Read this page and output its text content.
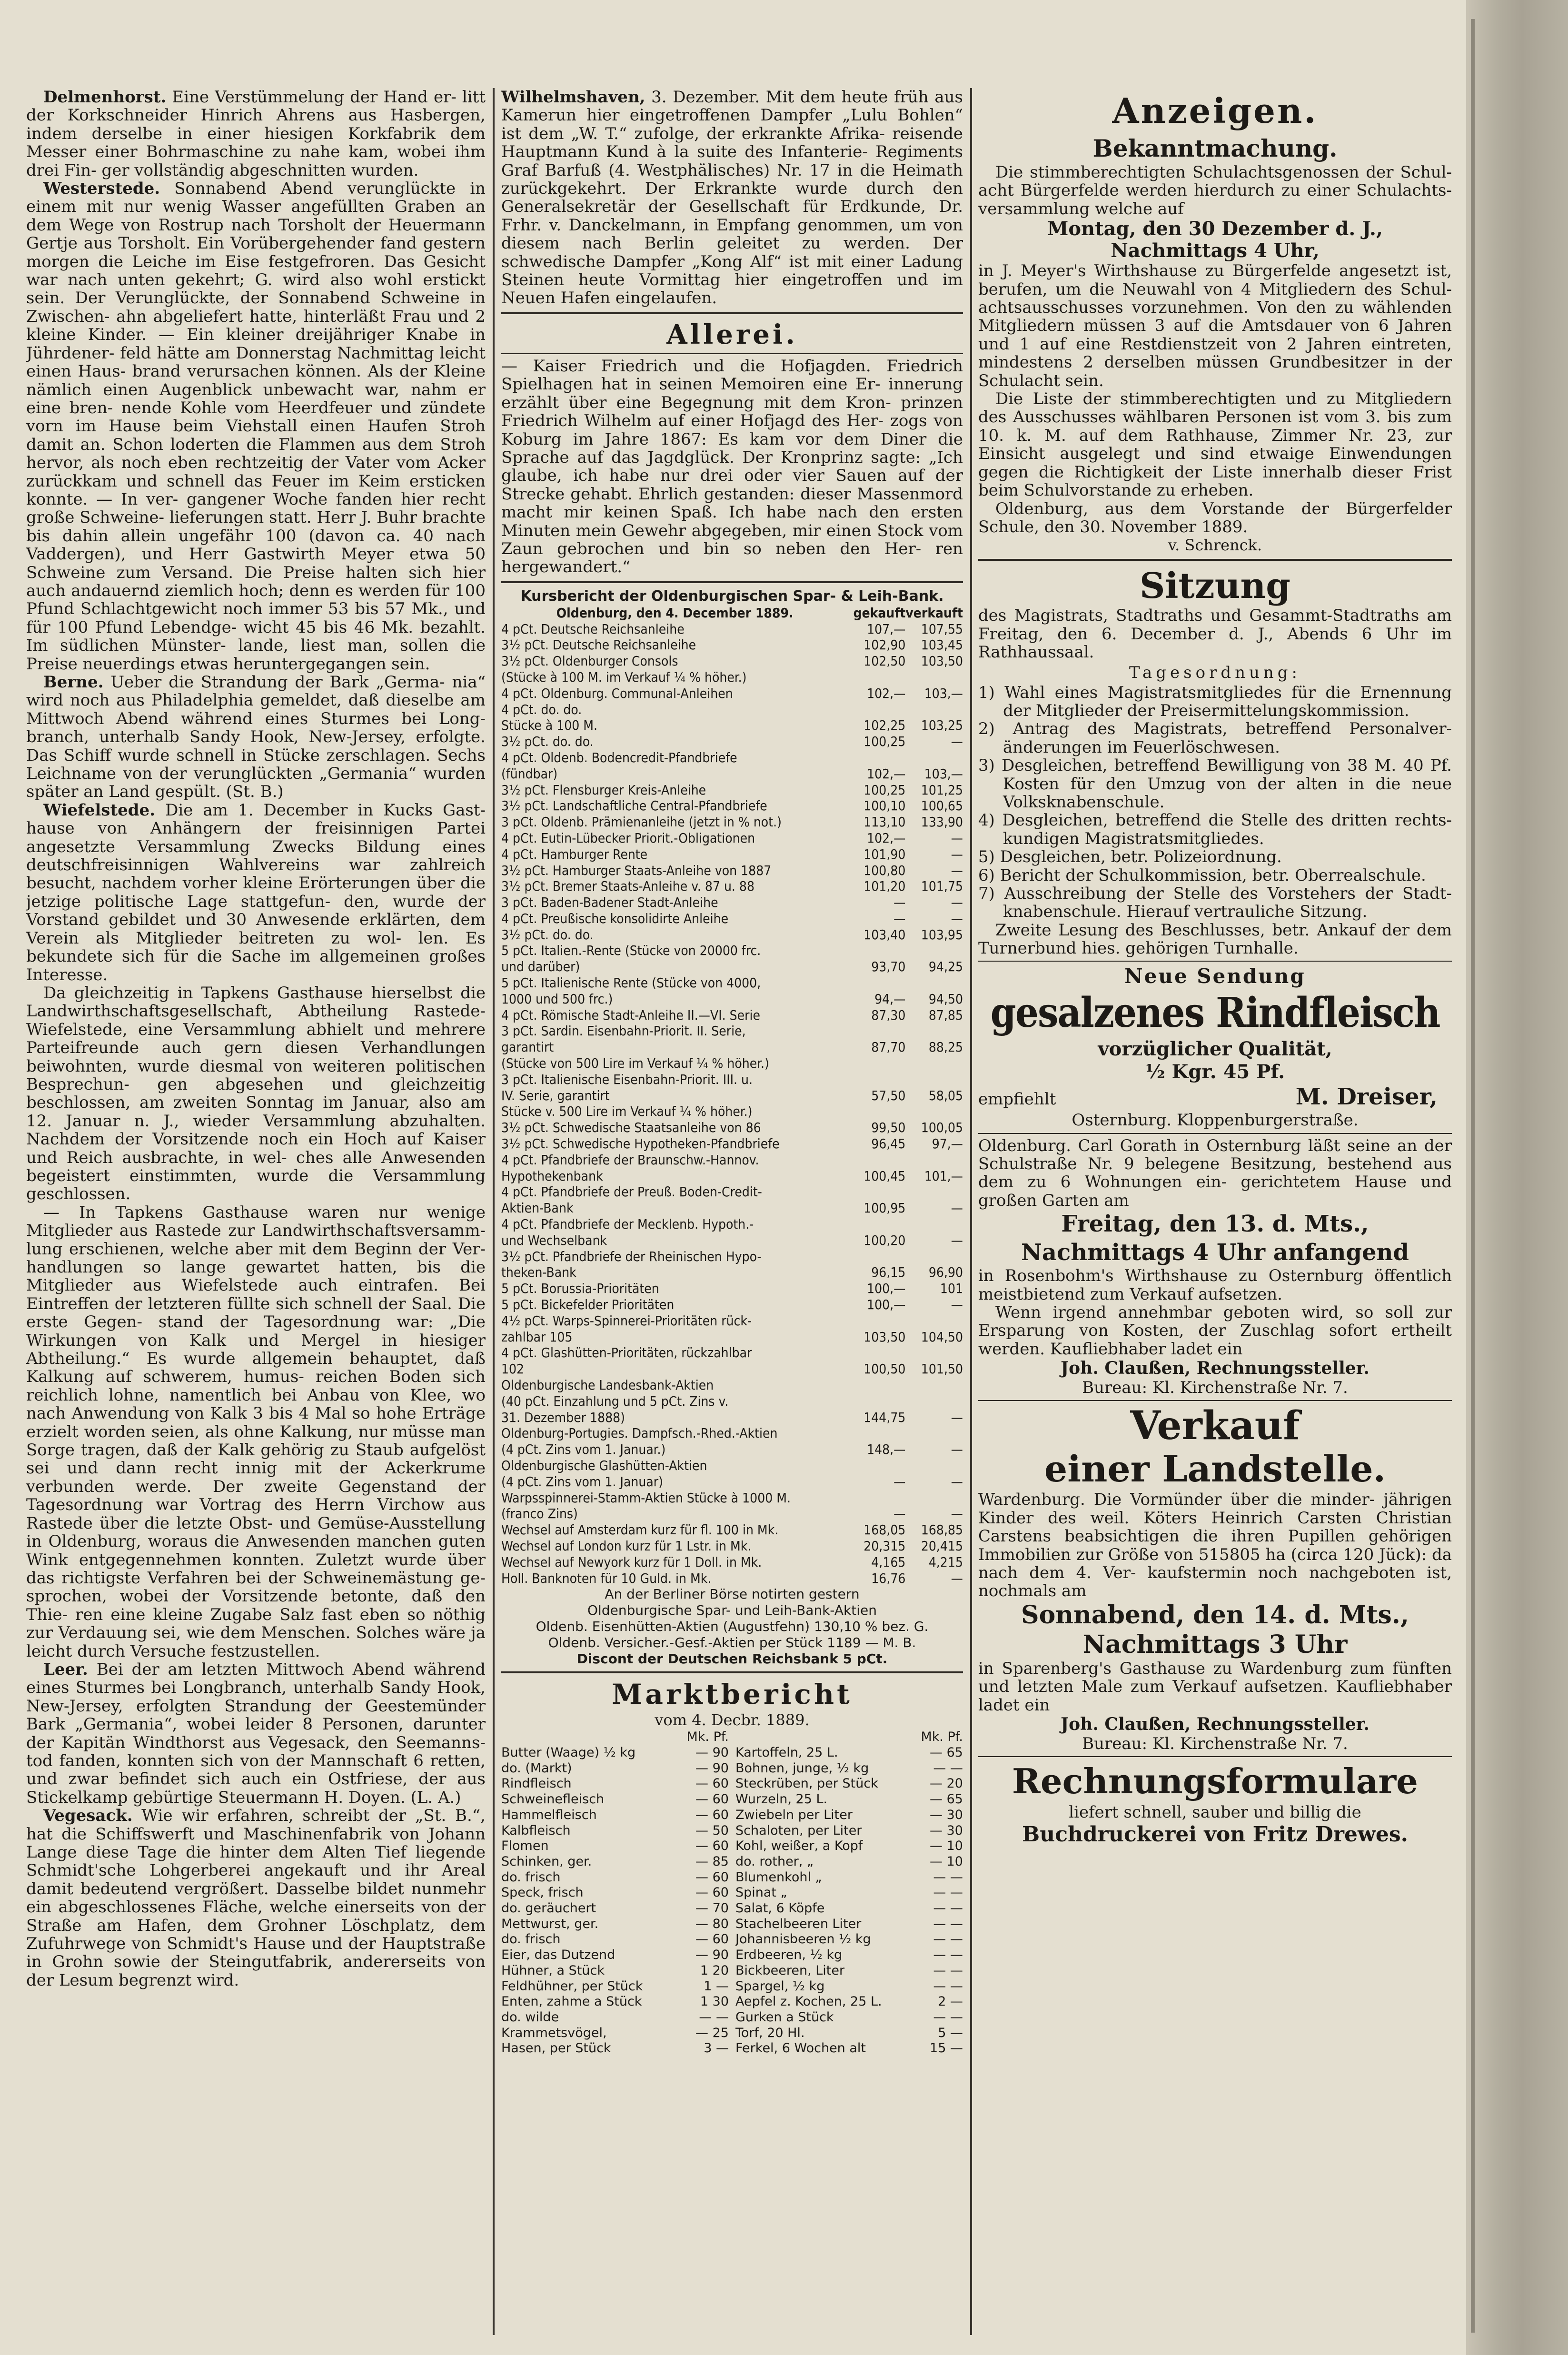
Delmenhorst. Eine Verstümmelung der Hand er- litt der Korkschneider Hinrich Ahrens aus Hasbergen, indem derselbe in einer hiesigen Korkfabrik dem Messer einer Bohrmaschine zu nahe kam, wobei ihm drei Fin- ger vollständig abgeschnitten wurden.

Westerstede. Sonnabend Abend verunglückte in einem mit nur wenig Wasser angefüllten Graben an dem Wege von Rostrup nach Torsholt der Heuermann Gertje aus Torsholt. Ein Vorübergehender fand gestern morgen die Leiche im Eise festgefroren. Das Gesicht war nach unten gekehrt; G. wird also wohl erstickt sein. Der Verunglückte, der Sonnabend Schweine in Zwischen- ahn abgeliefert hatte, hinterläßt Frau und 2 kleine Kinder. — Ein kleiner dreijähriger Knabe in Jührdener- feld hätte am Donnerstag Nachmittag leicht einen Haus- brand verursachen können. Als der Kleine nämlich einen Augenblick unbewacht war, nahm er eine bren- nende Kohle vom Heerdfeuer und zündete vorn im Hause beim Viehstall einen Haufen Stroh damit an. Schon loderten die Flammen aus dem Stroh hervor, als noch eben rechtzeitig der Vater vom Acker zurückkam und schnell das Feuer im Keim ersticken konnte. — In ver- gangener Woche fanden hier recht große Schweine- lieferungen statt. Herr J. Buhr brachte bis dahin allein ungefähr 100 (davon ca. 40 nach Vaddergen), und Herr Gastwirth Meyer etwa 50 Schweine zum Versand. Die Preise halten sich hier auch andauernd ziemlich hoch; denn es werden für 100 Pfund Schlachtgewicht noch immer 53 bis 57 Mk., und für 100 Pfund Lebendge- wicht 45 bis 46 Mk. bezahlt. Im südlichen Münster- lande, liest man, sollen die Preise neuerdings etwas heruntergegangen sein.

Berne. Ueber die Strandung der Bark „Germa- nia“ wird noch aus Philadelphia gemeldet, daß dieselbe am Mittwoch Abend während eines Sturmes bei Long- branch, unterhalb Sandy Hook, New-Jersey, erfolgte. Das Schiff wurde schnell in Stücke zerschlagen. Sechs Leichname von der verunglückten „Germania“ wurden später an Land gespült. (St. B.)

Wiefelstede. Die am 1. December in Kucks Gast- hause von Anhängern der freisinnigen Partei angesetzte Versammlung Zwecks Bildung eines deutschfreisinnigen Wahlvereins war zahlreich besucht, nachdem vorher kleine Erörterungen über die jetzige politische Lage stattgefun- den, wurde der Vorstand gebildet und 30 Anwesende erklärten, dem Verein als Mitglieder beitreten zu wol- len. Es bekundete sich für die Sache im allgemeinen großes Interesse.

Da gleichzeitig in Tapkens Gasthause hierselbst die Landwirthschaftsgesellschaft, Abtheilung Rastede- Wiefelstede, eine Versammlung abhielt und mehrere Parteifreunde auch gern diesen Verhandlungen beiwohnten, wurde diesmal von weiteren politischen Besprechun- gen abgesehen und gleichzeitig beschlossen, am zweiten Sonntag im Januar, also am 12. Januar n. J., wieder Versammlung abzuhalten. Nachdem der Vorsitzende noch ein Hoch auf Kaiser und Reich ausbrachte, in wel- ches alle Anwesenden begeistert einstimmten, wurde die Versammlung geschlossen.

— In Tapkens Gasthause waren nur wenige Mitglieder aus Rastede zur Landwirthschaftsversamm- lung erschienen, welche aber mit dem Beginn der Ver- handlungen so lange gewartet hatten, bis die Mitglieder aus Wiefelstede auch eintrafen. Bei Eintreffen der letzteren füllte sich schnell der Saal. Die erste Gegen- stand der Tagesordnung war: „Die Wirkungen von Kalk und Mergel in hiesiger Abtheilung.“ Es wurde allgemein behauptet, daß Kalkung auf schwerem, humus- reichen Boden sich reichlich lohne, namentlich bei Anbau von Klee, wo nach Anwendung von Kalk 3 bis 4 Mal so hohe Erträge erzielt worden seien, als ohne Kalkung, nur müsse man Sorge tragen, daß der Kalk gehörig zu Staub aufgelöst sei und dann recht innig mit der Ackerkrume verbunden werde. Der zweite Gegenstand der Tagesordnung war Vortrag des Herrn Virchow aus Rastede über die letzte Obst- und Gemüse-Ausstellung in Oldenburg, woraus die Anwesenden manchen guten Wink entgegennehmen konnten. Zuletzt wurde über das richtigste Verfahren bei der Schweinemästung ge- sprochen, wobei der Vorsitzende betonte, daß den Thie- ren eine kleine Zugabe Salz fast eben so nöthig zur Verdauung sei, wie dem Menschen. Solches wäre ja leicht durch Versuche festzustellen.

Leer. Bei der am letzten Mittwoch Abend während eines Sturmes bei Longbranch, unterhalb Sandy Hook, New-Jersey, erfolgten Strandung der Geestemünder Bark „Germania“, wobei leider 8 Personen, darunter der Kapitän Windthorst aus Vegesack, den Seemanns- tod fanden, konnten sich von der Mannschaft 6 retten, und zwar befindet sich auch ein Ostfriese, der aus Stickelkamp gebürtige Steuermann H. Doyen. (L. A.)

Vegesack. Wie wir erfahren, schreibt der „St. B.“, hat die Schiffswerft und Maschinenfabrik von Johann Lange diese Tage die hinter dem Alten Tief liegende Schmidt'sche Lohgerberei angekauft und ihr Areal damit bedeutend vergrößert. Dasselbe bildet nunmehr ein abgeschlossenes Fläche, welche einerseits von der Straße am Hafen, dem Grohner Löschplatz, dem Zufuhrwege von Schmidt's Hause und der Hauptstraße in Grohn sowie der Steingutfabrik, andererseits von der Lesum begrenzt wird.

Wilhelmshaven, 3. Dezember. Mit dem heute früh aus Kamerun hier eingetroffenen Dampfer „Lulu Bohlen“ ist dem „W. T.“ zufolge, der erkrankte Afrika- reisende Hauptmann Kund à la suite des Infanterie- Regiments Graf Barfuß (4. Westphälisches) Nr. 17 in die Heimath zurückgekehrt. Der Erkrankte wurde durch den Generalsekretär der Gesellschaft für Erdkunde, Dr. Frhr. v. Danckelmann, in Empfang genommen, um von diesem nach Berlin geleitet zu werden. Der schwedische Dampfer „Kong Alf“ ist mit einer Ladung Steinen heute Vormittag hier eingetroffen und im Neuen Hafen eingelaufen.

Allerei.

— Kaiser Friedrich und die Hofjagden. Friedrich Spielhagen hat in seinen Memoiren eine Er- innerung erzählt über eine Begegnung mit dem Kron- prinzen Friedrich Wilhelm auf einer Hofjagd des Her- zogs von Koburg im Jahre 1867: Es kam vor dem Diner die Sprache auf das Jagdglück. Der Kronprinz sagte: „Ich glaube, ich habe nur drei oder vier Sauen auf der Strecke gehabt. Ehrlich gestanden: dieser Massenmord macht mir keinen Spaß. Ich habe nach den ersten Minuten mein Gewehr abgegeben, mir einen Stock vom Zaun gebrochen und bin so neben den Her- ren hergewandert.“

Kursbericht der Oldenburgischen Spar- & Leih-Bank.
Oldenburg, den 4. December 1889.	gekauft	verkauft
4 pCt. Deutsche Reichsanleihe	107,—	107,55
3½ pCt. Deutsche Reichsanleihe	102,90	103,45
3½ pCt. Oldenburger Consols	102,50	103,50
(Stücke à 100 M. im Verkauf ¼ % höher.)		
4 pCt. Oldenburg. Communal-Anleihen	102,—	103,—
4 pCt. do. do.		
Stücke à 100 M.	102,25	103,25
3½ pCt. do. do.	100,25	—
4 pCt. Oldenb. Bodencredit-Pfandbriefe		
(fündbar)	102,—	103,—
3½ pCt. Flensburger Kreis-Anleihe	100,25	101,25
3½ pCt. Landschaftliche Central-Pfandbriefe	100,10	100,65
3 pCt. Oldenb. Prämienanleihe (jetzt in % not.)	113,10	133,90
4 pCt. Eutin-Lübecker Priorit.-Obligationen	102,—	—
4 pCt. Hamburger Rente	101,90	—
3½ pCt. Hamburger Staats-Anleihe von 1887	100,80	—
3½ pCt. Bremer Staats-Anleihe v. 87 u. 88	101,20	101,75
3 pCt. Baden-Badener Stadt-Anleihe	—	—
4 pCt. Preußische konsolidirte Anleihe	—	—
3½ pCt. do. do.	103,40	103,95
5 pCt. Italien.-Rente (Stücke von 20000 frc.		
und darüber)	93,70	94,25
5 pCt. Italienische Rente (Stücke von 4000,		
1000 und 500 frc.)	94,—	94,50
4 pCt. Römische Stadt-Anleihe II.—VI. Serie	87,30	87,85
3 pCt. Sardin. Eisenbahn-Priorit. II. Serie,		
garantirt	87,70	88,25
(Stücke von 500 Lire im Verkauf ¼ % höher.)		
3 pCt. Italienische Eisenbahn-Priorit. III. u.		
IV. Serie, garantirt	57,50	58,05
Stücke v. 500 Lire im Verkauf ¼ % höher.)		
3½ pCt. Schwedische Staatsanleihe von 86	99,50	100,05
3½ pCt. Schwedische Hypotheken-Pfandbriefe	96,45	97,—
4 pCt. Pfandbriefe der Braunschw.-Hannov.		
Hypothekenbank	100,45	101,—
4 pCt. Pfandbriefe der Preuß. Boden-Credit-		
Aktien-Bank	100,95	—
4 pCt. Pfandbriefe der Mecklenb. Hypoth.-		
und Wechselbank	100,20	—
3½ pCt. Pfandbriefe der Rheinischen Hypo-		
theken-Bank	96,15	96,90
5 pCt. Borussia-Prioritäten	100,—	101
5 pCt. Bickefelder Prioritäten	100,—	—
4½ pCt. Warps-Spinnerei-Prioritäten rück-		
zahlbar 105	103,50	104,50
4 pCt. Glashütten-Prioritäten, rückzahlbar		
102	100,50	101,50
Oldenburgische Landesbank-Aktien		
(40 pCt. Einzahlung und 5 pCt. Zins v.		
31. Dezember 1888)	144,75	—
Oldenburg-Portugies. Dampfsch.-Rhed.-Aktien		
(4 pCt. Zins vom 1. Januar.)	148,—	—
Oldenburgische Glashütten-Aktien		
(4 pCt. Zins vom 1. Januar)	—	—
Warpsspinnerei-Stamm-Aktien Stücke à 1000 M.		
(franco Zins)	—	—
Wechsel auf Amsterdam kurz für fl. 100 in Mk.	168,05	168,85
Wechsel auf London kurz für 1 Lstr. in Mk.	20,315	20,415
Wechsel auf Newyork kurz für 1 Doll. in Mk.	4,165	4,215
Holl. Banknoten für 10 Guld. in Mk.	16,76	—
An der Berliner Börse notirten gestern
Oldenburgische Spar- und Leih-Bank-Aktien
Oldenb. Eisenhütten-Aktien (Augustfehn) 130,10 % bez. G.
Oldenb. Versicher.-Gesf.-Aktien per Stück 1189 — M. B.
Discont der Deutschen Reichsbank 5 pCt.
Marktbericht
vom 4. Decbr. 1889.
	Mk. Pf.
Butter (Waage) ½ kg	— 90
do. (Markt)	— 90
Rindfleisch	— 60
Schweinefleisch	— 60
Hammelfleisch	— 60
Kalbfleisch	— 50
Flomen	— 60
Schinken, ger.	— 85
do. frisch	— 60
Speck, frisch	— 60
do. geräuchert	— 70
Mettwurst, ger.	— 80
do. frisch	— 60
Eier, das Dutzend	— 90
Hühner, a Stück	1 20
Feldhühner, per Stück	1 —
Enten, zahme a Stück	1 30
do. wilde	— —
Krammetsvögel,	— 25
Hasen, per Stück	3 —
	Mk. Pf.
Kartoffeln, 25 L.	— 65
Bohnen, junge, ½ kg	— —
Steckrüben, per Stück	— 20
Wurzeln, 25 L.	— 65
Zwiebeln per Liter	— 30
Schaloten, per Liter	— 30
Kohl, weißer, a Kopf	— 10
do. rother, „	— 10
Blumenkohl „	— —
Spinat „	— —
Salat, 6 Köpfe	— —
Stachelbeeren Liter	— —
Johannisbeeren ½ kg	— —
Erdbeeren, ½ kg	— —
Bickbeeren, Liter	— —
Spargel, ½ kg	— —
Aepfel z. Kochen, 25 L.	2 —
Gurken a Stück	— —
Torf, 20 Hl.	5 —
Ferkel, 6 Wochen alt	15 —
Anzeigen.
Bekanntmachung.

Die stimmberechtigten Schulachtsgenossen der Schul- acht Bürgerfelde werden hierdurch zu einer Schulachts- versammlung welche auf

Montag, den 30 Dezember d. J.,
Nachmittags 4 Uhr,

in J. Meyer's Wirthshause zu Bürgerfelde angesetzt ist, berufen, um die Neuwahl von 4 Mitgliedern des Schul- achtsausschusses vorzunehmen. Von den zu wählenden Mitgliedern müssen 3 auf die Amtsdauer von 6 Jahren und 1 auf eine Restdienstzeit von 2 Jahren eintreten, mindestens 2 derselben müssen Grundbesitzer in der Schulacht sein.

Die Liste der stimmberechtigten und zu Mitgliedern des Ausschusses wählbaren Personen ist vom 3. bis zum 10. k. M. auf dem Rathhause, Zimmer Nr. 23, zur Einsicht ausgelegt und sind etwaige Einwendungen gegen die Richtigkeit der Liste innerhalb dieser Frist beim Schulvorstande zu erheben.

Oldenburg, aus dem Vorstande der Bürgerfelder Schule, den 30. November 1889.

v. Schrenck.
Sitzung

des Magistrats, Stadtraths und Gesammt-Stadtraths am Freitag, den 6. December d. J., Abends 6 Uhr im Rathhaussaal.

Tagesordnung:

1) Wahl eines Magistratsmitgliedes für die Ernennung der Mitglieder der Preisermittelungskommission.

2) Antrag des Magistrats, betreffend Personalver- änderungen im Feuerlöschwesen.

3) Desgleichen, betreffend Bewilligung von 38 M. 40 Pf. Kosten für den Umzug von der alten in die neue Volksknabenschule.

4) Desgleichen, betreffend die Stelle des dritten rechts- kundigen Magistratsmitgliedes.

5) Desgleichen, betr. Polizeiordnung.

6) Bericht der Schulkommission, betr. Oberrealschule.

7) Ausschreibung der Stelle des Vorstehers der Stadt- knabenschule. Hierauf vertrauliche Sitzung.

Zweite Lesung des Beschlusses, betr. Ankauf der dem Turnerbund hies. gehörigen Turnhalle.

Neue Sendung
gesalzenes Rindfleisch
vorzüglicher Qualität,
½ Kgr. 45 Pf.
empfiehlt	M. Dreiser,
Osternburg. Kloppenburgerstraße.

Oldenburg. Carl Gorath in Osternburg läßt seine an der Schulstraße Nr. 9 belegene Besitzung, bestehend aus dem zu 6 Wohnungen ein- gerichtetem Hause und großen Garten am

Freitag, den 13. d. Mts.,
Nachmittags 4 Uhr anfangend

in Rosenbohm's Wirthshause zu Osternburg öffentlich meistbietend zum Verkauf aufsetzen.

Wenn irgend annehmbar geboten wird, so soll zur Ersparung von Kosten, der Zuschlag sofort ertheilt werden. Kaufliebhaber ladet ein

Joh. Claußen, Rechnungssteller.
Bureau: Kl. Kirchenstraße Nr. 7.
Verkauf
einer Landstelle.

Wardenburg. Die Vormünder über die minder- jährigen Kinder des weil. Köters Heinrich Carsten Christian Carstens beabsichtigen die ihren Pupillen gehörigen Immobilien zur Größe von 515805 ha (circa 120 Jück): da nach dem 4. Ver- kaufstermin noch nachgeboten ist, nochmals am

Sonnabend, den 14. d. Mts.,
Nachmittags 3 Uhr

in Sparenberg's Gasthause zu Wardenburg zum fünften und letzten Male zum Verkauf aufsetzen. Kaufliebhaber ladet ein

Joh. Claußen, Rechnungssteller.
Bureau: Kl. Kirchenstraße Nr. 7.
Rechnungsformulare
liefert schnell, sauber und billig die
Buchdruckerei von Fritz Drewes.
